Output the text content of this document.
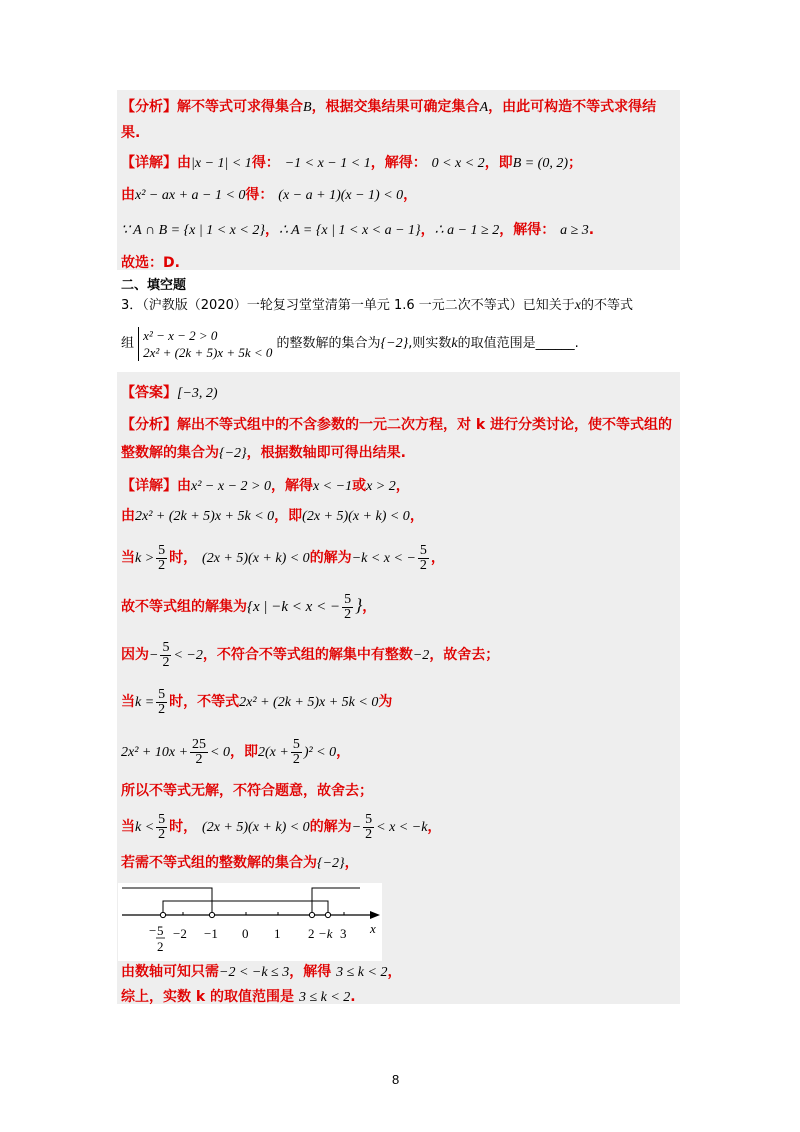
【分析】解不等式可求得集合B，根据交集结果可确定集合A，由此可构造不等式求得结
果.
【详解】由|x − 1| < 1得： −1 < x − 1 < 1，解得： 0 < x < 2，即B = (0, 2)；
由x² − ax + a − 1 < 0得： (x − a + 1)(x − 1) < 0，
∵ A ∩ B = {x | 1 < x < 2}，∴ A = {x | 1 < x < a − 1}，∴ a − 1 ≥ 2，解得： a ≥ 3.
故选：D.
二、填空题
3．（沪教版（2020）一轮复习堂堂清第一单元 1.6 一元二次不等式）已知关于x的不等式
组
x² − x − 2 > 0
2x² + (2k + 5)x + 5k < 0
的整数解的集合为{−2},则实数k的取值范围是______.
【答案】[−3, 2)
【分析】解出不等式组中的不含参数的一元二次方程，对 k 进行分类讨论，使不等式组的
整数解的集合为{−2}，根据数轴即可得出结果.
【详解】由x² − x − 2 > 0，解得x < −1或x > 2，
由2x² + (2k + 5)x + 5k < 0，即(2x + 5)(x + k) < 0，
当$k > \frac{5}{2}$ 时， (2x + 5)(x + k) < 0的解为−k < x < − $\frac{5}{2}$ ，
故不等式组的解集为{x | −k < x < − $\frac{5}{2}$ }，
因为− $\frac{5}{2} < -2$，不符合不等式组的解集中有整数−2，故舍去；
当$k = \frac{5}{2}$ 时，不等式2x² + (2k + 5)x + 5k < 0为
$2x^2 + 10x + \frac{25}{2} < 0$，即$2(x + \frac{5}{2} )^2 < 0$，
所以不等式无解，不符合题意，故舍去；
当$k < \frac{5}{2}$ 时， (2x + 5)(x + k) < 0的解为− $\frac{5}{2} < x < -k$，
若需不等式组的整数解的集合为{−2}，
− 5
2
−2 −1 0 1 2 −k 3 x
由数轴可知只需−2 < −k ≤ 3，解得 3 ≤ k < 2，
综上，实数 k 的取值范围是 3 ≤ k < 2.
8
